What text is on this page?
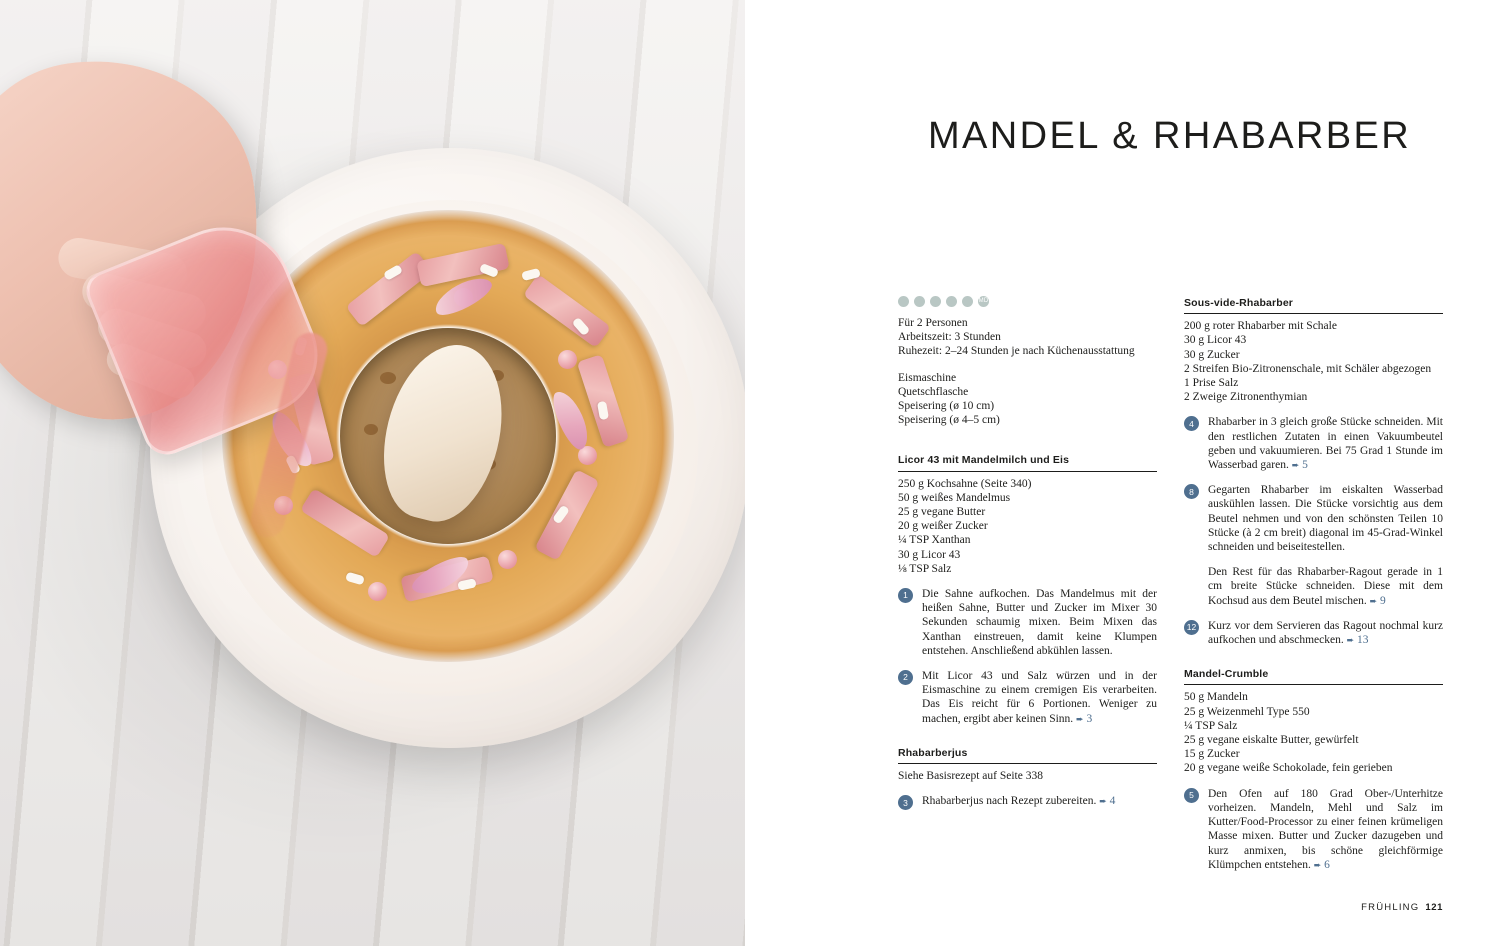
MANDEL & RHABARBER
MD
Für 2 Personen
Arbeitszeit: 3 Stunden
Ruhezeit: 2–24 Stunden je nach Küchenausstattung
Eismaschine
Quetschflasche
Speisering (ø 10 cm)
Speisering (ø 4–5 cm)
Licor 43 mit Mandelmilch und Eis
250 g Kochsahne (Seite 340)
50 g weißes Mandelmus
25 g vegane Butter
20 g weißer Zucker
¼ TSP Xanthan
30 g Licor 43
⅛ TSP Salz
1	Die Sahne aufkochen. Das Mandelmus mit der heißen Sahne, Butter und Zucker im Mixer 30 Sekunden schaumig mixen. Beim Mixen das Xanthan einstreuen, damit keine Klumpen entstehen. Anschließend abkühlen lassen.
2	Mit Licor 43 und Salz würzen und in der Eismaschine zu einem cremigen Eis verarbeiten. Das Eis reicht für 6 Portionen. Weniger zu machen, ergibt aber keinen Sinn. ➨ 3
Rhabarberjus
Siehe Basisrezept auf Seite 338
3	Rhabarberjus nach Rezept zubereiten. ➨ 4
Sous-vide-Rhabarber
200 g roter Rhabarber mit Schale
30 g Licor 43
30 g Zucker
2 Streifen Bio-Zitronenschale, mit Schäler abgezogen
1 Prise Salz
2 Zweige Zitronenthymian
4	Rhabarber in 3 gleich große Stücke schneiden. Mit den restlichen Zutaten in einen Vakuumbeutel geben und vakuumieren. Bei 75 Grad 1 Stunde im Wasserbad garen. ➨ 5
8	Gegarten Rhabarber im eiskalten Wasserbad auskühlen lassen. Die Stücke vorsichtig aus dem Beutel nehmen und von den schönsten Teilen 10 Stücke (à 2 cm breit) diagonal im 45-Grad-Winkel schneiden und beiseitestellen.
Den Rest für das Rhabarber-Ragout gerade in 1 cm breite Stücke schneiden. Diese mit dem Kochsud aus dem Beutel mischen. ➨ 9
12 Kurz vor dem Servieren das Ragout nochmal kurz aufkochen und abschmecken. ➨ 13
Mandel-Crumble
50 g Mandeln
25 g Weizenmehl Type 550
¼ TSP Salz
25 g vegane eiskalte Butter, gewürfelt
15 g Zucker
20 g vegane weiße Schokolade, fein gerieben
5	Den Ofen auf 180 Grad Ober-/Unterhitze vorheizen. Mandeln, Mehl und Salz im Kutter/Food-Processor zu einer feinen krümeligen Masse mixen. Butter und Zucker dazugeben und kurz anmixen, bis schöne gleichförmige Klümpchen entstehen. ➨ 6
FRÜHLING 121
